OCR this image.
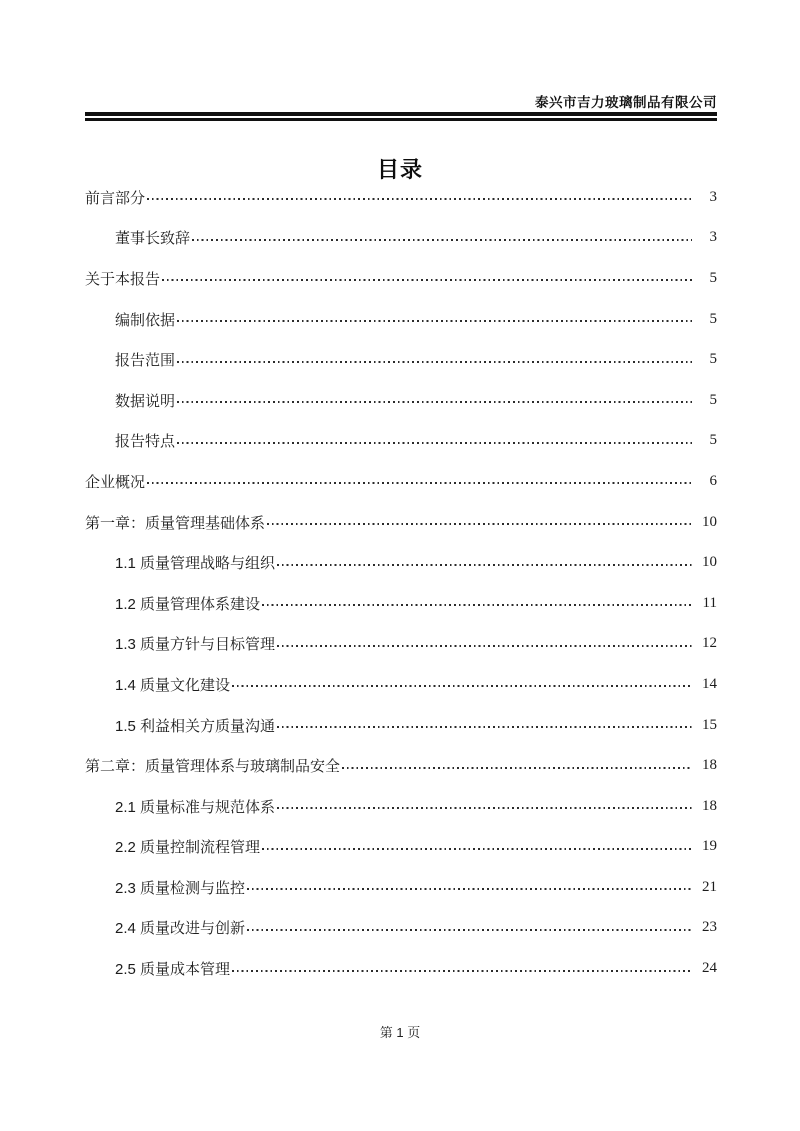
泰兴市吉力玻璃制品有限公司
目录
前言部分	3
董事长致辞	3
关于本报告	5
编制依据	5
报告范围	5
数据说明	5
报告特点	5
企业概况	6
第一章：质量管理基础体系	10
1.1 质量管理战略与组织	10
1.2 质量管理体系建设	11
1.3 质量方针与目标管理	12
1.4 质量文化建设	14
1.5 利益相关方质量沟通	15
第二章：质量管理体系与玻璃制品安全	18
2.1 质量标准与规范体系	18
2.2 质量控制流程管理	19
2.3 质量检测与监控	21
2.4 质量改进与创新	23
2.5 质量成本管理	24
第 1 页
